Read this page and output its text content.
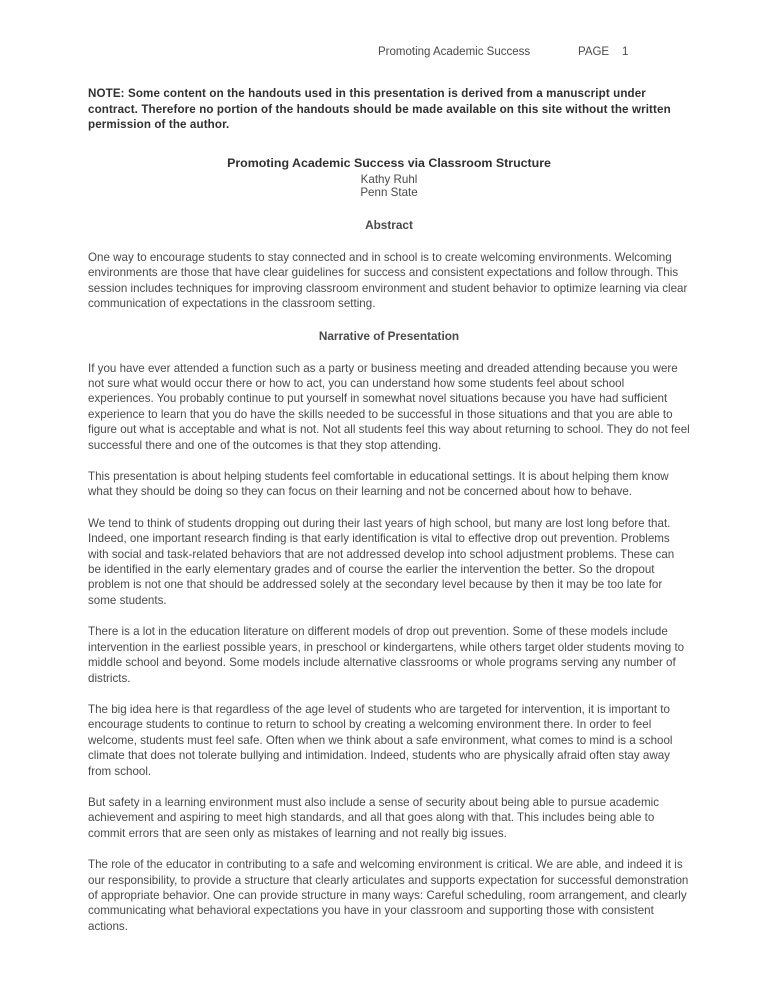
Promoting Academic Success	PAGE 1

NOTE: Some content on the handouts used in this presentation is derived from a manuscript under contract. Therefore no portion of the handouts should be made available on this site without the written permission of the author.

Promoting Academic Success via Classroom Structure

Kathy Ruhl

Penn State

Abstract

One way to encourage students to stay connected and in school is to create welcoming environments. Welcoming environments are those that have clear guidelines for success and consistent expectations and follow through. This session includes techniques for improving classroom environment and student behavior to optimize learning via clear communication of expectations in the classroom setting.

Narrative of Presentation

If you have ever attended a function such as a party or business meeting and dreaded attending because you were not sure what would occur there or how to act, you can understand how some students feel about school experiences. You probably continue to put yourself in somewhat novel situations because you have had sufficient experience to learn that you do have the skills needed to be successful in those situations and that you are able to figure out what is acceptable and what is not. Not all students feel this way about returning to school. They do not feel successful there and one of the outcomes is that they stop attending.

This presentation is about helping students feel comfortable in educational settings. It is about helping them know what they should be doing so they can focus on their learning and not be concerned about how to behave.

We tend to think of students dropping out during their last years of high school, but many are lost long before that. Indeed, one important research finding is that early identification is vital to effective drop out prevention. Problems with social and task-related behaviors that are not addressed develop into school adjustment problems. These can be identified in the early elementary grades and of course the earlier the intervention the better. So the dropout problem is not one that should be addressed solely at the secondary level because by then it may be too late for some students.

There is a lot in the education literature on different models of drop out prevention. Some of these models include intervention in the earliest possible years, in preschool or kindergartens, while others target older students moving to middle school and beyond. Some models include alternative classrooms or whole programs serving any number of districts.

The big idea here is that regardless of the age level of students who are targeted for intervention, it is important to encourage students to continue to return to school by creating a welcoming environment there. In order to feel welcome, students must feel safe. Often when we think about a safe environment, what comes to mind is a school climate that does not tolerate bullying and intimidation. Indeed, students who are physically afraid often stay away from school.

But safety in a learning environment must also include a sense of security about being able to pursue academic achievement and aspiring to meet high standards, and all that goes along with that. This includes being able to commit errors that are seen only as mistakes of learning and not really big issues.

The role of the educator in contributing to a safe and welcoming environment is critical. We are able, and indeed it is our responsibility, to provide a structure that clearly articulates and supports expectation for successful demonstration of appropriate behavior. One can provide structure in many ways: Careful scheduling, room arrangement, and clearly communicating what behavioral expectations you have in your classroom and supporting those with consistent actions.
